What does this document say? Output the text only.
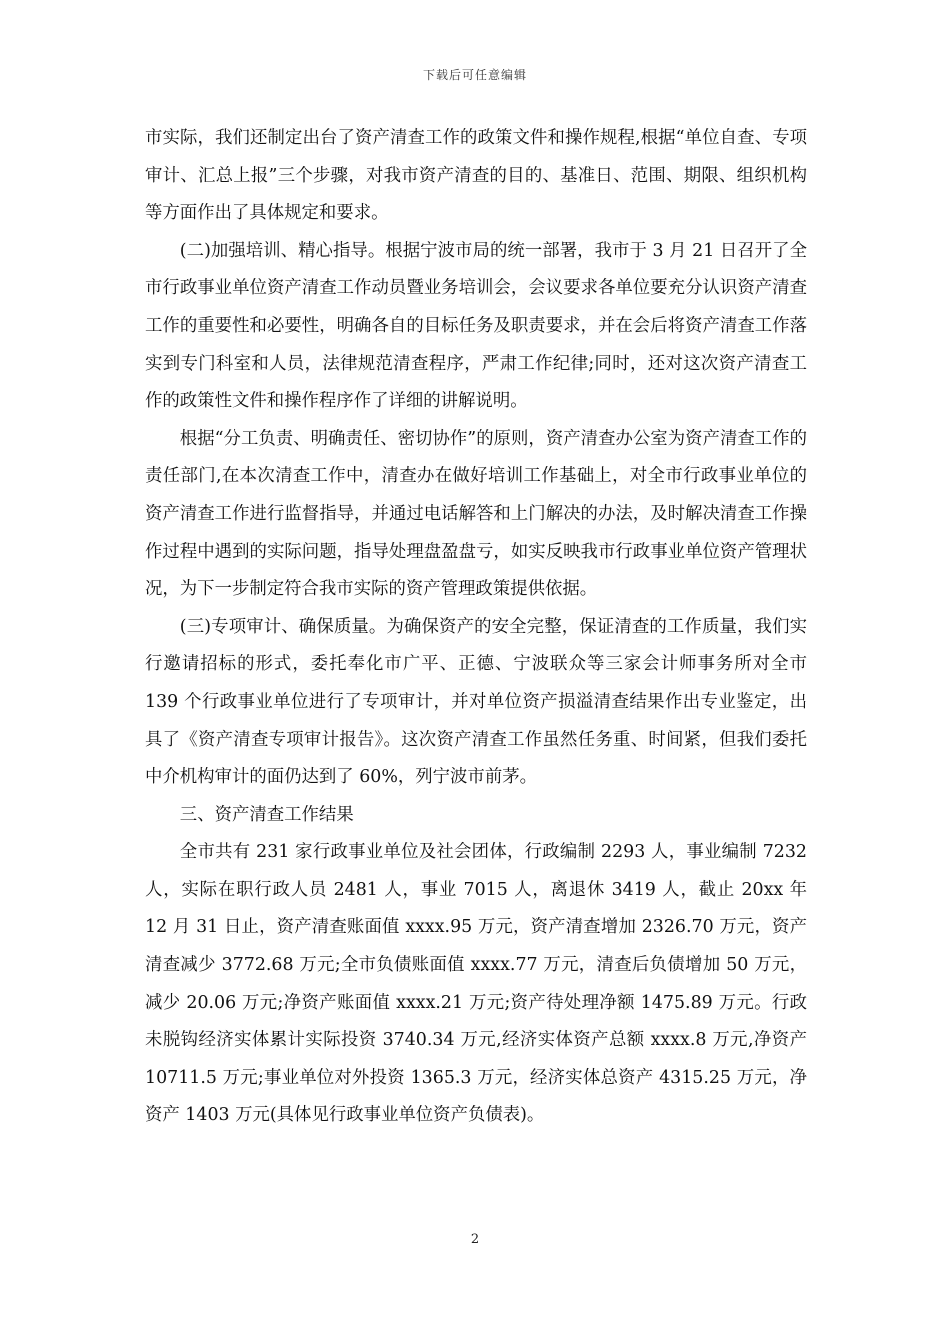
下载后可任意编辑

市实际，我们还制定出台了资产清查工作的政策文件和操作规程,根据“单位自查、专项审计、汇总上报”三个步骤，对我市资产清查的目的、基准日、范围、期限、组织机构等方面作出了具体规定和要求。

(二)加强培训、精心指导。根据宁波市局的统一部署，我市于 3 月 21 日召开了全市行政事业单位资产清查工作动员暨业务培训会，会议要求各单位要充分认识资产清查工作的重要性和必要性，明确各自的目标任务及职责要求，并在会后将资产清查工作落实到专门科室和人员，法律规范清查程序，严肃工作纪律;同时，还对这次资产清查工作的政策性文件和操作程序作了详细的讲解说明。

根据“分工负责、明确责任、密切协作”的原则，资产清查办公室为资产清查工作的责任部门,在本次清查工作中，清查办在做好培训工作基础上，对全市行政事业单位的资产清查工作进行监督指导，并通过电话解答和上门解决的办法，及时解决清查工作操作过程中遇到的实际问题，指导处理盘盈盘亏，如实反映我市行政事业单位资产管理状况，为下一步制定符合我市实际的资产管理政策提供依据。

(三)专项审计、确保质量。为确保资产的安全完整，保证清查的工作质量，我们实行邀请招标的形式，委托奉化市广平、正德、宁波联众等三家会计师事务所对全市 139 个行政事业单位进行了专项审计，并对单位资产损溢清查结果作出专业鉴定，出具了《资产清查专项审计报告》。这次资产清查工作虽然任务重、时间紧，但我们委托中介机构审计的面仍达到了 60%，列宁波市前茅。

三、资产清查工作结果

全市共有 231 家行政事业单位及社会团体，行政编制 2293 人，事业编制 7232 人，实际在职行政人员 2481 人，事业 7015 人，离退休 3419 人，截止 20xx 年 12 月 31 日止，资产清查账面值 xxxx.95 万元，资产清查增加 2326.70 万元，资产清查减少 3772.68 万元;全市负债账面值 xxxx.77 万元，清查后负债增加 50 万元，减少 20.06 万元;净资产账面值 xxxx.21 万元;资产待处理净额 1475.89 万元。行政未脱钩经济实体累计实际投资 3740.34 万元,经济实体资产总额 xxxx.8 万元,净资产 10711.5 万元;事业单位对外投资 1365.3 万元，经济实体总资产 4315.25 万元，净资产 1403 万元(具体见行政事业单位资产负债表)。

2
